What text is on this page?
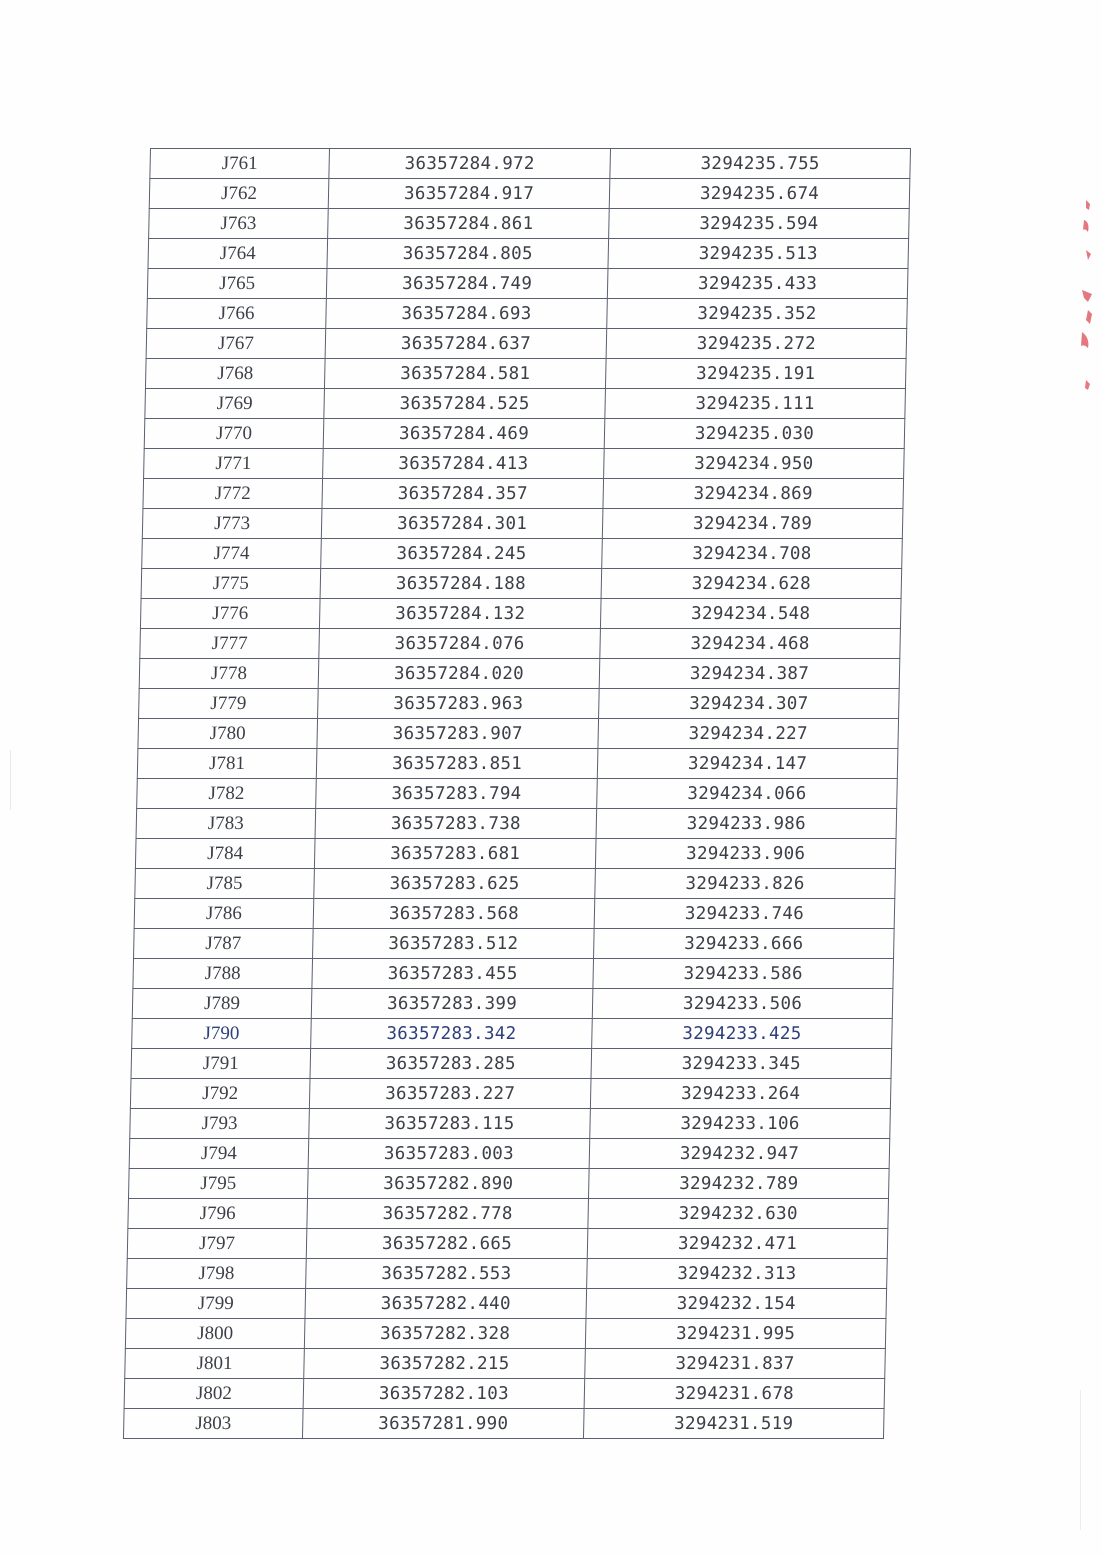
J761	36357284.972	3294235.755
J762	36357284.917	3294235.674
J763	36357284.861	3294235.594
J764	36357284.805	3294235.513
J765	36357284.749	3294235.433
J766	36357284.693	3294235.352
J767	36357284.637	3294235.272
J768	36357284.581	3294235.191
J769	36357284.525	3294235.111
J770	36357284.469	3294235.030
J771	36357284.413	3294234.950
J772	36357284.357	3294234.869
J773	36357284.301	3294234.789
J774	36357284.245	3294234.708
J775	36357284.188	3294234.628
J776	36357284.132	3294234.548
J777	36357284.076	3294234.468
J778	36357284.020	3294234.387
J779	36357283.963	3294234.307
J780	36357283.907	3294234.227
J781	36357283.851	3294234.147
J782	36357283.794	3294234.066
J783	36357283.738	3294233.986
J784	36357283.681	3294233.906
J785	36357283.625	3294233.826
J786	36357283.568	3294233.746
J787	36357283.512	3294233.666
J788	36357283.455	3294233.586
J789	36357283.399	3294233.506
J790	36357283.342	3294233.425
J791	36357283.285	3294233.345
J792	36357283.227	3294233.264
J793	36357283.115	3294233.106
J794	36357283.003	3294232.947
J795	36357282.890	3294232.789
J796	36357282.778	3294232.630
J797	36357282.665	3294232.471
J798	36357282.553	3294232.313
J799	36357282.440	3294232.154
J800	36357282.328	3294231.995
J801	36357282.215	3294231.837
J802	36357282.103	3294231.678
J803	36357281.990	3294231.519
